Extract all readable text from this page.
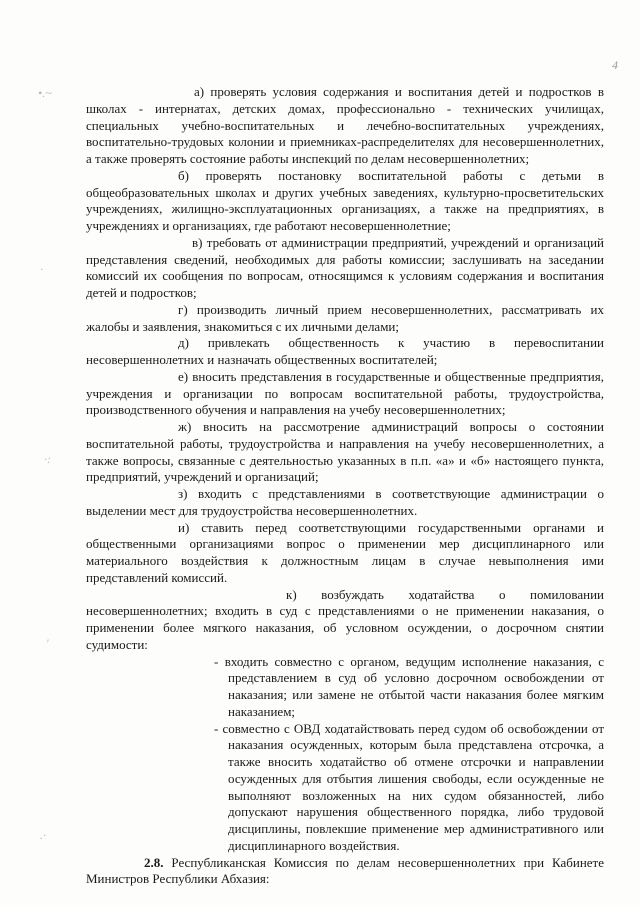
4
•.~
·
·:
'
.·

а) проверять условия содержания и воспитания детей и подростков в школах - интернатах, детских домах, профессионально - технических училищах, специальных учебно-воспитательных и лечебно-воспитательных учреждениях, воспитательно-трудовых колонии и приемниках-распределителях для несовершеннолетних, а также проверять состояние работы инспекций по делам несовершеннолетних;

б) проверять постановку воспитательной работы с детьми в общеобразовательных школах и других учебных заведениях, культурно-просветительских учреждениях, жилищно-эксплуатационных организациях, а также на предприятиях, в учреждениях и организациях, где работают несовершеннолетние;

в) требовать от администрации предприятий, учреждений и организаций представления сведений, необходимых для работы комиссии; заслушивать на заседании комиссий их сообщения по вопросам, относящимся к условиям содержания и воспитания детей и подростков;

г) производить личный прием несовершеннолетних, рассматривать их жалобы и заявления, знакомиться с их личными делами;

д) привлекать общественность к участию в перевоспитании несовершеннолетних и назначать общественных воспитателей;

е) вносить представления в государственные и общественные предприятия, учреждения и организации по вопросам воспитательной работы, трудоустройства, производственного обучения и направления на учебу несовершеннолетних;

ж) вносить на рассмотрение администраций вопросы о состоянии воспитательной работы, трудоустройства и направления на учебу несовершеннолетних, а также вопросы, связанные с деятельностью указанных в п.п. «а» и «б» настоящего пункта, предприятий, учреждений и организаций;

з) входить с представлениями в соответствующие администрации о выделении мест для трудоустройства несовершеннолетних.

и) ставить перед соответствующими государственными органами и общественными организациями вопрос о применении мер дисциплинарного или материального воздействия к должностным лицам в случае невыполнения ими представлений комиссий.

к) возбуждать ходатайства о помиловании несовершеннолетних; входить в суд с представлениями о не применении наказания, о применении более мягкого наказания, об условном осуждении, о досрочном снятии судимости:

- входить совместно с органом, ведущим исполнение наказания, с представлением в суд об условно досрочном освобождении от наказания; или замене не отбытой части наказания более мягким наказанием;
- совместно с ОВД ходатайствовать перед судом об освобождении от наказания осужденных, которым была представлена отсрочка, а также вносить ходатайство об отмене отсрочки и направлении осужденных для отбытия лишения свободы, если осужденные не выполняют возложенных на них судом обязанностей, либо допускают нарушения общественного порядка, либо трудовой дисциплины, повлекшие применение мер административного или дисциплинарного воздействия.

2.8. Республиканская Комиссия по делам несовершеннолетних при Кабинете Министров Республики Абхазия:
